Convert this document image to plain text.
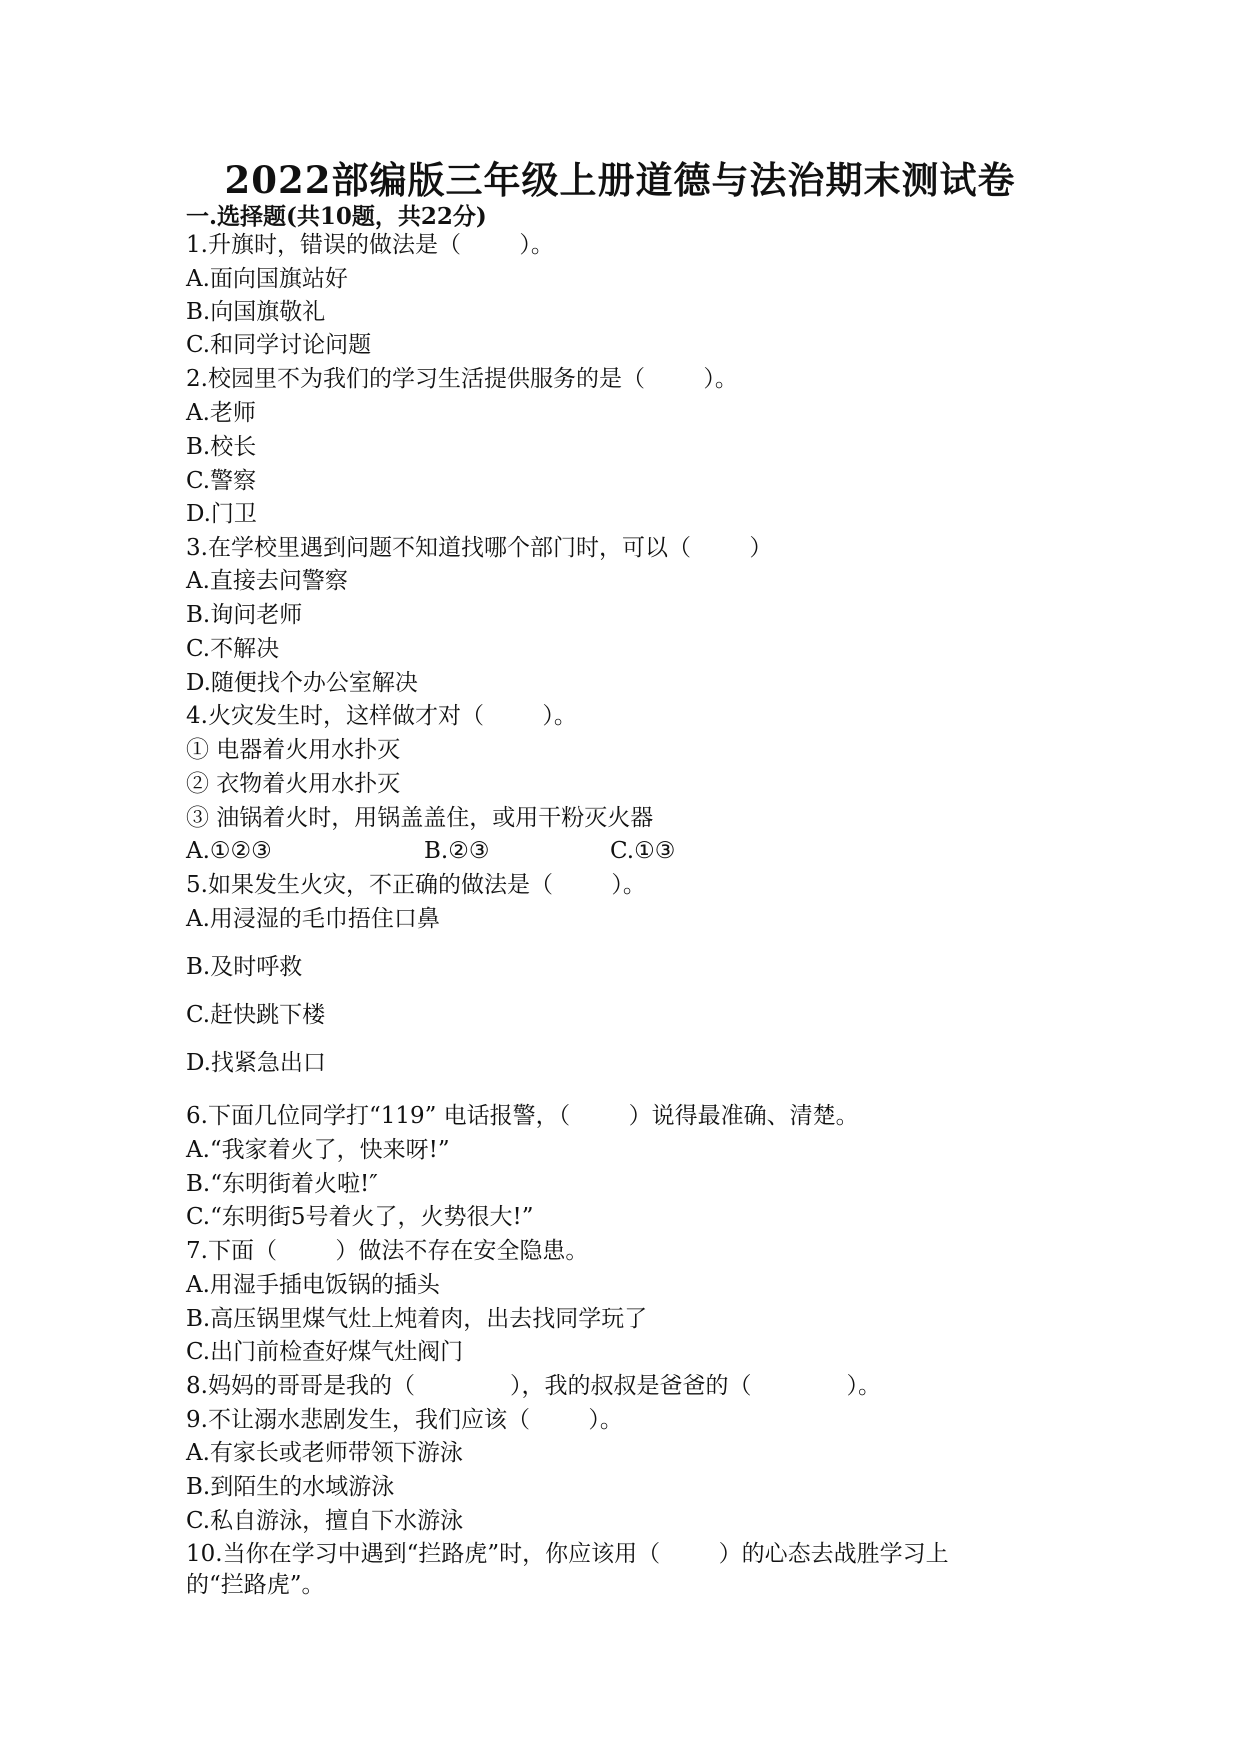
2022部编版三年级上册道德与法治期末测试卷
一.选择题(共10题，共22分)
1.升旗时，错误的做法是（        ）。
A.面向国旗站好
B.向国旗敬礼
C.和同学讨论问题
2.校园里不为我们的学习生活提供服务的是（        ）。
A.老师
B.校长
C.警察
D.门卫
3.在学校里遇到问题不知道找哪个部门时，可以（        ）
A.直接去问警察
B.询问老师
C.不解决
D.随便找个办公室解决
4.火灾发生时，这样做才对（        ）。
① 电器着火用水扑灭
② 衣物着火用水扑灭
③ 油锅着火时，用锅盖盖住，或用干粉灭火器
A.①②③	B.②③	C.①③
5.如果发生火灾，不正确的做法是（        ）。
A.用浸湿的毛巾捂住口鼻
B.及时呼救
C.赶快跳下楼
D.找紧急出口
6.下面几位同学打“119” 电话报警，（        ）说得最准确、清楚。
A.“我家着火了，快来呀!”
B.“东明街着火啦!″
C.“东明街5号着火了，火势很大!”
7.下面（        ）做法不存在安全隐患。
A.用湿手插电饭锅的插头
B.高压锅里煤气灶上炖着肉，出去找同学玩了
C.出门前检查好煤气灶阀门
8.妈妈的哥哥是我的（             ），我的叔叔是爸爸的（             ）。
9.不让溺水悲剧发生，我们应该（        ）。
A.有家长或老师带领下游泳
B.到陌生的水域游泳
C.私自游泳，擅自下水游泳
10.当你在学习中遇到“拦路虎”时，你应该用（        ）的心态去战胜学习上
的“拦路虎”。
